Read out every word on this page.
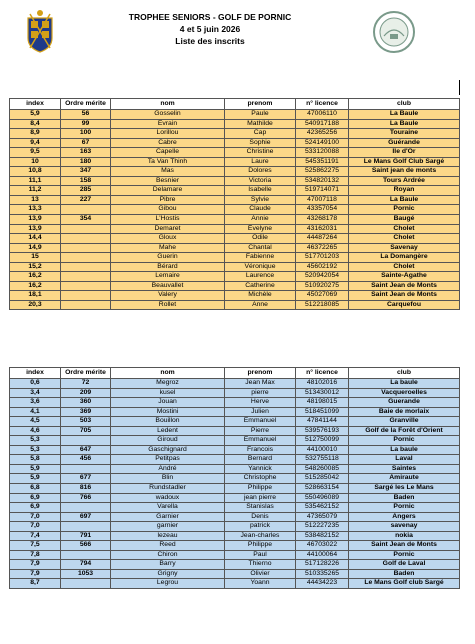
TROPHEE SENIORS - GOLF DE PORNIC
4 et 5 juin 2026
Liste des inscrits
index	Ordre mérite	nom	prenom	n° licence	club
5,9	56	Gosselin	Paule	47006110	La Baule
8,4	99	Evrain	Mathilde	540917188	La Baule
8,9	100	Lorillou	Cap	42365256	Touraine
9,4	67	Cabre	Sophie	524149100	Guérande
9,5	163	Capelle	Christine	533120088	Ile d'Or
10	180	Ta Van Thinh	Laure	545351191	Le Mans Golf Club Sargé
10,8	347	Mas	Dolores	525862275	Saint jean de monts
11,1	158	Besnier	Victoria	534820132	Tours Ardrée
11,2	285	Delamare	Isabelle	519714071	Royan
13	227	Pibre	Sylvie	47007118	La Baule
13,3		Gibou	Claude	43357054	Pornic
13,9	354	L'Hostis	Annie	43268178	Baugé
13,9		Demaret	Évelyne	43162031	Cholet
14,4		Gloux	Odile	44487264	Cholet
14,9		Mahe	Chantal	46372265	Savenay
15		Guerin	Fabienne	517701203	La Domangère
15,2		Bérard	Véronique	45602192	Cholet
16,2		Lemaire	Laurence	520942054	Sainte-Agathe
16,2		Beauvallet	Catherine	510920275	Saint Jean de Monts
18,1		Valery	Michèle	45027069	Saint Jean de Monts
20,3		Rollet	Anne	512218085	Carquefou
index	Ordre mérite	nom	prenom	n° licence	club
0,6	72	Megroz	Jean Max	48102016	La baule
3,4	209	kusel	pierre	513430012	Vacqueroelles
3,6	360	Jouan	Herve	48198015	Guerande
4,1	369	Mostini	Julien	518451099	Baie de morlaix
4,5	503	Bouillon	Emmanuel	47841144	Granville
4,6	705	Ledent	Pierre	539576193	Golf de la Forêt d'Orient
5,3		Giroud	Emmanuel	512750099	Pornic
5,3	647	Gaschignard	Francois	44100010	La baule
5,8	456	Petitpas	Bernard	532755118	Laval
5,9		André	Yannick	548260085	Saintes
5,9	677	Blin	Christophe	515285042	Amiraute
6,8	816	Rundstadler	Philippe	528663154	Sargé les Le Mans
6,9	766	wadoux	jean pierre	550496089	Baden
6,9		Varella	Stanislas	535462152	Pornic
7,0	697	Garnier	Denis	47365079	Angers
7,0		garnier	patrick	512227235	savenay
7,4	791	lezeau	Jean-charles	538482152	nokia
7,5	566	Reed	Philippe	46703022	Saint Jean de Monts
7,8		Chiron	Paul	44100064	Pornic
7,9	794	Barry	Thierno	517128226	Golf de Laval
7,9	1053	Grigny	Olivier	510335265	Baden
8,7		Legrou	Yoann	44434223	Le Mans Golf club Sargé
